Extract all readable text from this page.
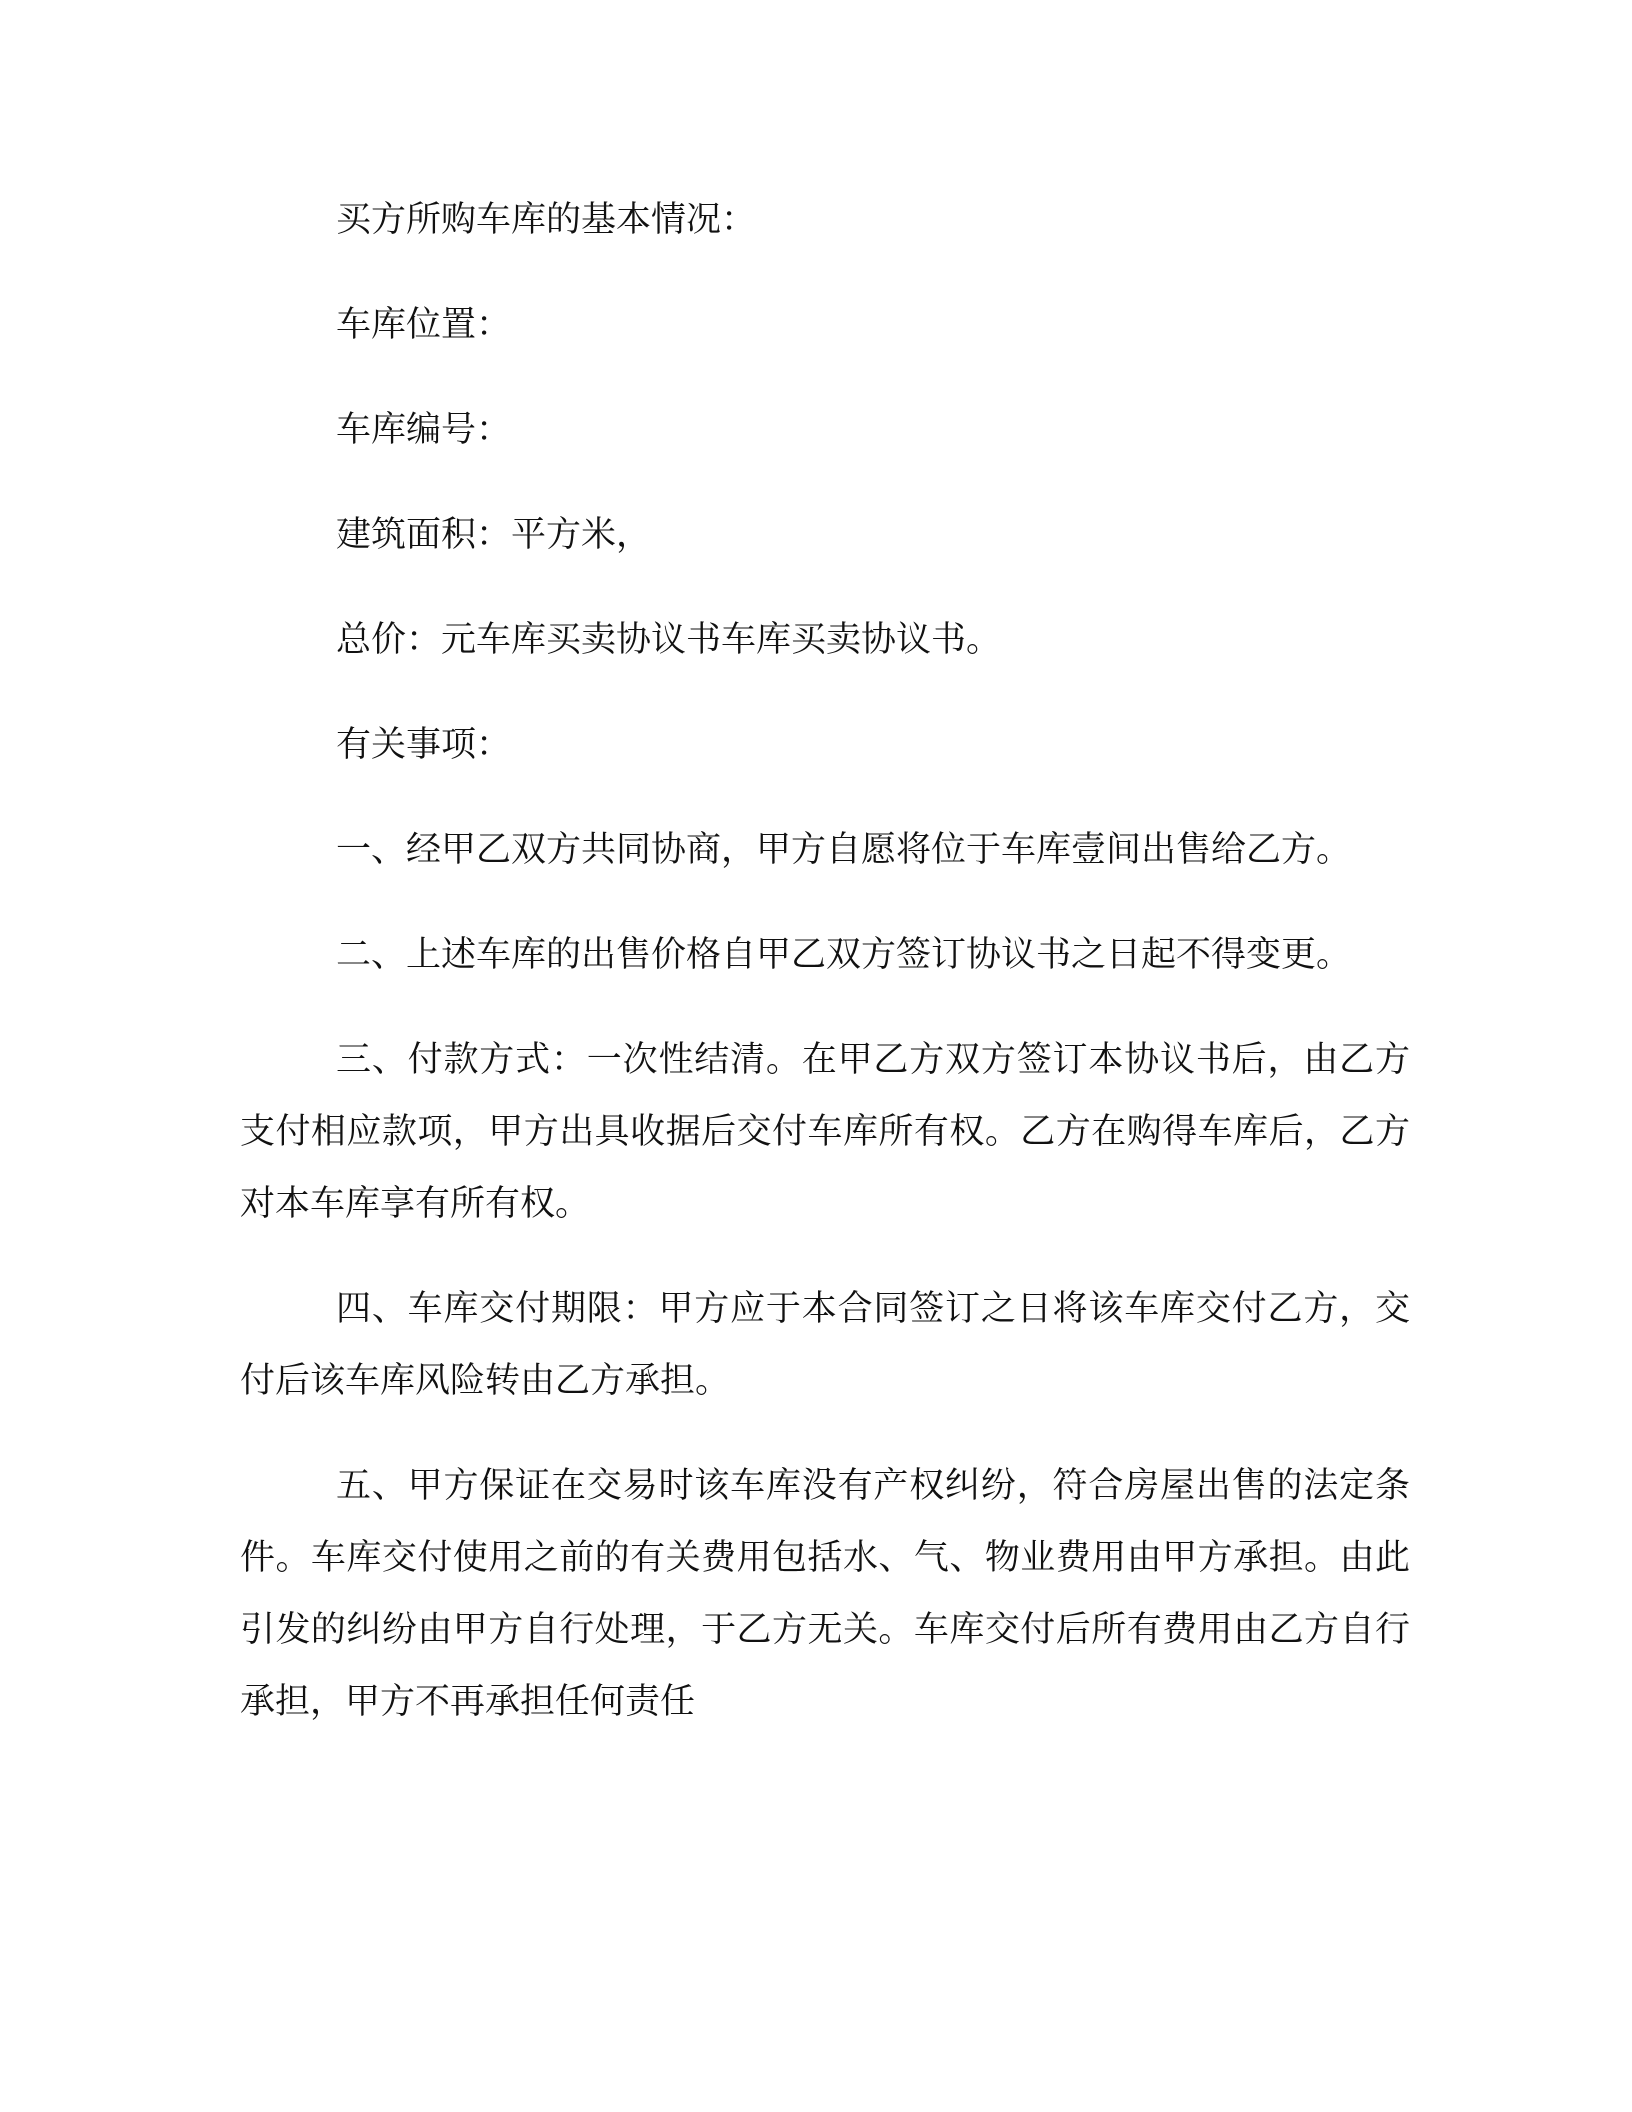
买方所购车库的基本情况：

车库位置：

车库编号：

建筑面积：平方米，

总价：元车库买卖协议书车库买卖协议书。

有关事项：

一、经甲乙双方共同协商，甲方自愿将位于车库壹间出售给乙方。

二、上述车库的出售价格自甲乙双方签订协议书之日起不得变更。

三、付款方式：一次性结清。在甲乙方双方签订本协议书后，由乙方支付相应款项，甲方出具收据后交付车库所有权。乙方在购得车库后，乙方对本车库享有所有权。

四、车库交付期限：甲方应于本合同签订之日将该车库交付乙方，交付后该车库风险转由乙方承担。

五、甲方保证在交易时该车库没有产权纠纷，符合房屋出售的法定条件。车库交付使用之前的有关费用包括水、气、物业费用由甲方承担。由此引发的纠纷由甲方自行处理，于乙方无关。车库交付后所有费用由乙方自行承担，甲方不再承担任何责任
